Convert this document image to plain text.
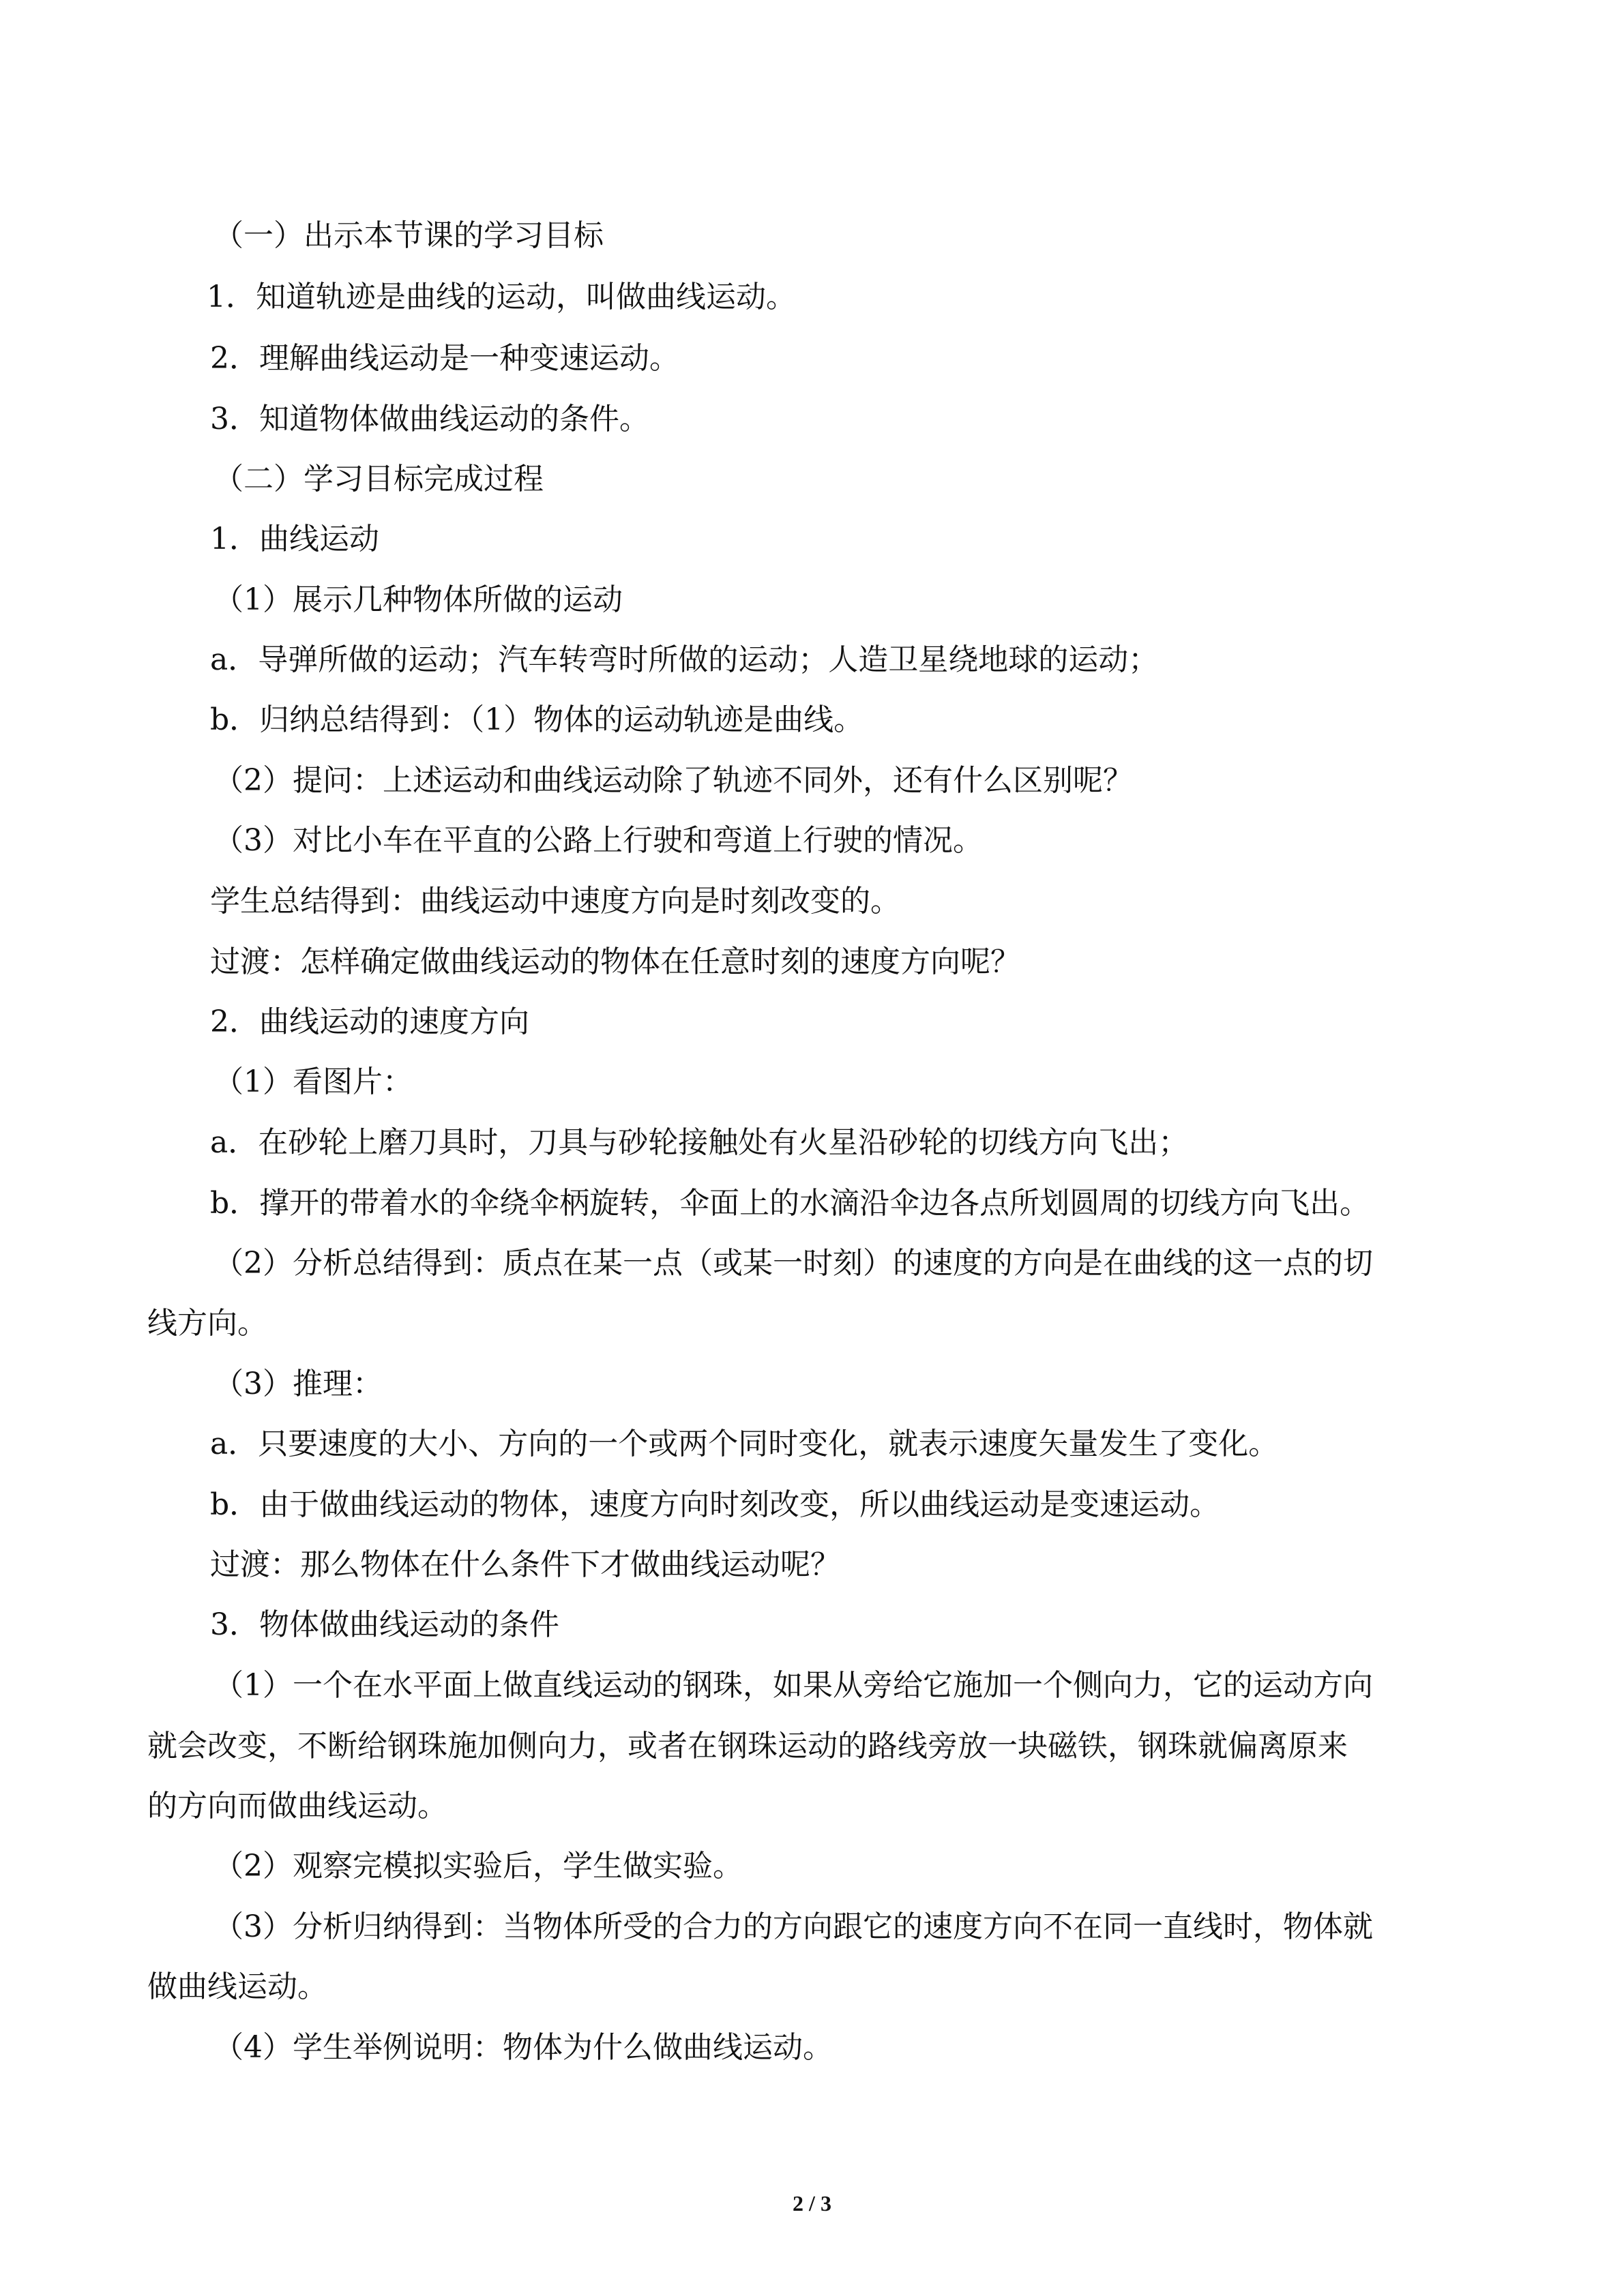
（一）出示本节课的学习目标
1．知道轨迹是曲线的运动，叫做曲线运动。
2．理解曲线运动是一种变速运动。
3．知道物体做曲线运动的条件。
（二）学习目标完成过程
1．曲线运动
（1）展示几种物体所做的运动
a．导弹所做的运动；汽车转弯时所做的运动；人造卫星绕地球的运动；
b．归纳总结得到：（1）物体的运动轨迹是曲线。
（2）提问：上述运动和曲线运动除了轨迹不同外，还有什么区别呢？
（3）对比小车在平直的公路上行驶和弯道上行驶的情况。
学生总结得到：曲线运动中速度方向是时刻改变的。
过渡：怎样确定做曲线运动的物体在任意时刻的速度方向呢？
2．曲线运动的速度方向
（1）看图片：
a．在砂轮上磨刀具时，刀具与砂轮接触处有火星沿砂轮的切线方向飞出；
b．撑开的带着水的伞绕伞柄旋转，伞面上的水滴沿伞边各点所划圆周的切线方向飞出。
（2）分析总结得到：质点在某一点（或某一时刻）的速度的方向是在曲线的这一点的切
线方向。
（3）推理：
a．只要速度的大小、方向的一个或两个同时变化，就表示速度矢量发生了变化。
b．由于做曲线运动的物体，速度方向时刻改变，所以曲线运动是变速运动。
过渡：那么物体在什么条件下才做曲线运动呢？
3．物体做曲线运动的条件
（1）一个在水平面上做直线运动的钢珠，如果从旁给它施加一个侧向力，它的运动方向
就会改变，不断给钢珠施加侧向力，或者在钢珠运动的路线旁放一块磁铁，钢珠就偏离原来
的方向而做曲线运动。
（2）观察完模拟实验后，学生做实验。
（3）分析归纳得到：当物体所受的合力的方向跟它的速度方向不在同一直线时，物体就
做曲线运动。
（4）学生举例说明：物体为什么做曲线运动。
2 / 3
